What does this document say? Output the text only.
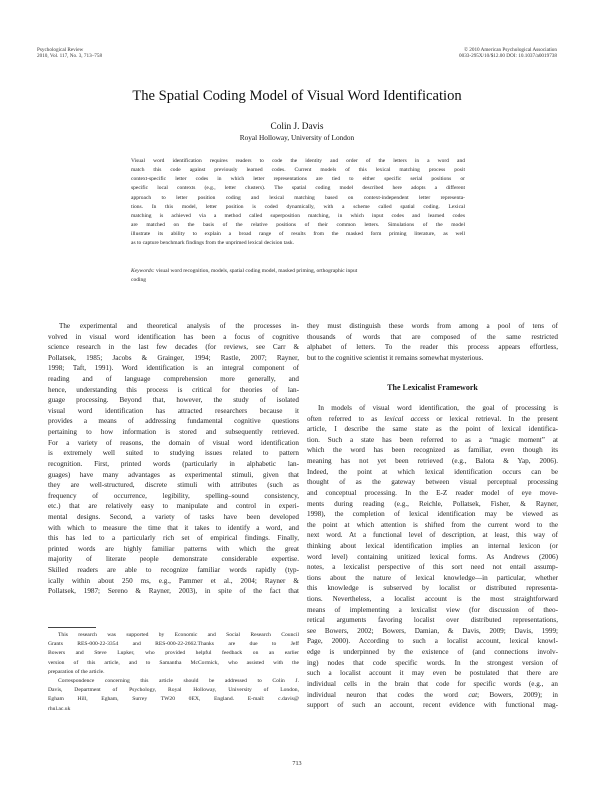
Psychological Review
2010, Vol. 117, No. 3, 713–758
© 2010 American Psychological Association
0033-295X/10/$12.00 DOI: 10.1037/a0019738
The Spatial Coding Model of Visual Word Identification
Colin J. Davis
Royal Holloway, University of London
Visual word identification requires readers to code the identity and order of the letters in a word and
match this code against previously learned codes. Current models of this lexical matching process posit
context-specific letter codes in which letter representations are tied to either specific serial positions or
specific local contexts (e.g., letter clusters). The spatial coding model described here adopts a different
approach to letter position coding and lexical matching based on context-independent letter representa-
tions. In this model, letter position is coded dynamically, with a scheme called spatial coding. Lexical
matching is achieved via a method called superposition matching, in which input codes and learned codes
are matched on the basis of the relative positions of their common letters. Simulations of the model
illustrate its ability to explain a broad range of results from the masked form priming literature, as well
as to capture benchmark findings from the unprimed lexical decision task.
Keywords: visual word recognition, models, spatial coding model, masked priming, orthographic input
coding
The experimental and theoretical analysis of the processes in-
volved in visual word identification has been a focus of cognitive
science research in the last few decades (for reviews, see Carr &
Pollatsek, 1985; Jacobs & Grainger, 1994; Rastle, 2007; Rayner,
1998; Taft, 1991). Word identification is an integral component of
reading and of language comprehension more generally, and
hence, understanding this process is critical for theories of lan-
guage processing. Beyond that, however, the study of isolated
visual word identification has attracted researchers because it
provides a means of addressing fundamental cognitive questions
pertaining to how information is stored and subsequently retrieved.
For a variety of reasons, the domain of visual word identification
is extremely well suited to studying issues related to pattern
recognition. First, printed words (particularly in alphabetic lan-
guages) have many advantages as experimental stimuli, given that
they are well-structured, discrete stimuli with attributes (such as
frequency of occurrence, legibility, spelling–sound consistency,
etc.) that are relatively easy to manipulate and control in experi-
mental designs. Second, a variety of tasks have been developed
with which to measure the time that it takes to identify a word, and
this has led to a particularly rich set of empirical findings. Finally,
printed words are highly familiar patterns with which the great
majority of literate people demonstrate considerable expertise.
Skilled readers are able to recognize familiar words rapidly (typ-
ically within about 250 ms, e.g., Pammer et al., 2004; Rayner &
Pollatsek, 1987; Sereno & Rayner, 2003), in spite of the fact that
This research was supported by Economic and Social Research Council
Grants RES-000-22-3354 and RES-000-22-2662.Thanks are due to Jeff
Bowers and Steve Lupker, who provided helpful feedback on an earlier
version of this article, and to Samantha McCormick, who assisted with the
preparation of the article.
Correspondence concerning this article should be addressed to Colin J.
Davis, Department of Psychology, Royal Holloway, University of London,
Egham Hill, Egham, Surrey TW20 0EX, England. E-mail: c.davis@
rhul.ac.uk
they must distinguish these words from among a pool of tens of
thousands of words that are composed of the same restricted
alphabet of letters. To the reader this process appears effortless,
but to the cognitive scientist it remains somewhat mysterious.
The Lexicalist Framework
In models of visual word identification, the goal of processing is
often referred to as lexical access or lexical retrieval. In the present
article, I describe the same state as the point of lexical identifica-
tion. Such a state has been referred to as a “magic moment” at
which the word has been recognized as familiar, even though its
meaning has not yet been retrieved (e.g., Balota & Yap, 2006).
Indeed, the point at which lexical identification occurs can be
thought of as the gateway between visual perceptual processing
and conceptual processing. In the E-Z reader model of eye move-
ments during reading (e.g., Reichle, Pollatsek, Fisher, & Rayner,
1998), the completion of lexical identification may be viewed as
the point at which attention is shifted from the current word to the
next word. At a functional level of description, at least, this way of
thinking about lexical identification implies an internal lexicon (or
word level) containing unitized lexical forms. As Andrews (2006)
notes, a lexicalist perspective of this sort need not entail assump-
tions about the nature of lexical knowledge—in particular, whether
this knowledge is subserved by localist or distributed representa-
tions. Nevertheless, a localist account is the most straightforward
means of implementing a lexicalist view (for discussion of theo-
retical arguments favoring localist over distributed representations,
see Bowers, 2002; Bowers, Damian, & Davis, 2009; Davis, 1999;
Page, 2000). According to such a localist account, lexical knowl-
edge is underpinned by the existence of (and connections involv-
ing) nodes that code specific words. In the strongest version of
such a localist account it may even be postulated that there are
individual cells in the brain that code for specific words (e.g., an
individual neuron that codes the word cat; Bowers, 2009); in
support of such an account, recent evidence with functional mag-
713
